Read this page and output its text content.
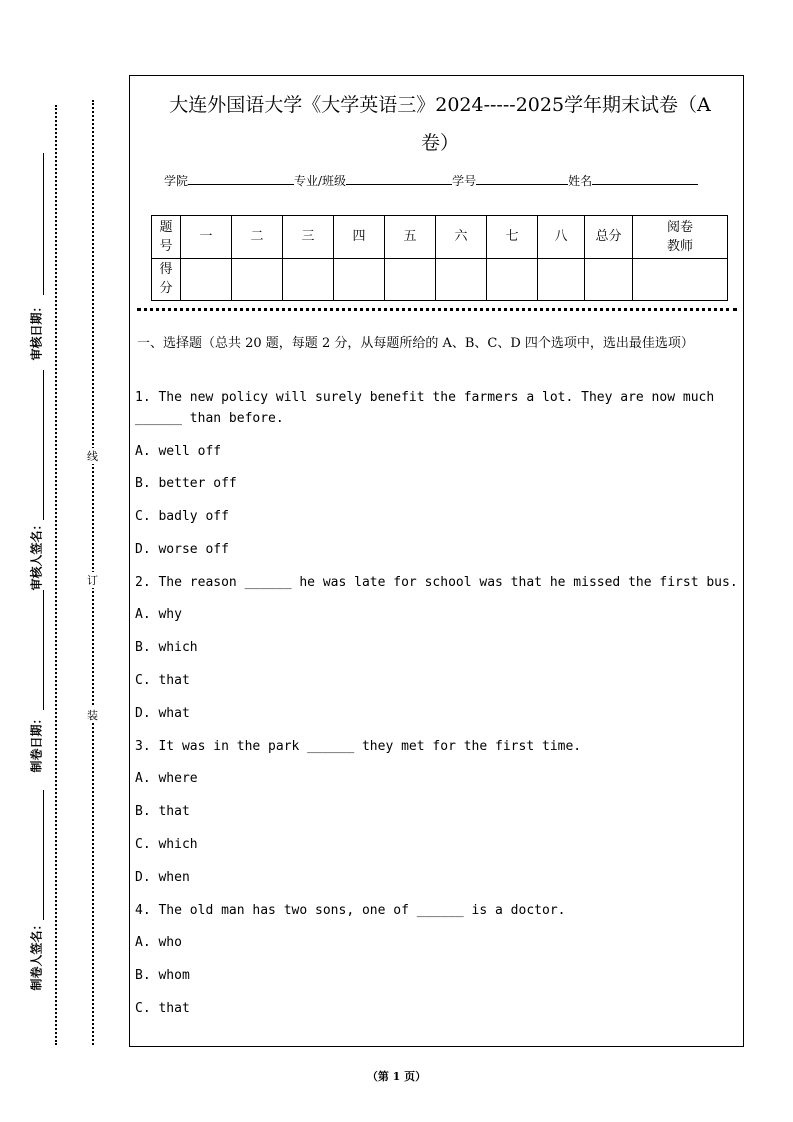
审核日期：
审核人签名：
制卷日期：
制卷人签名：
线
订
装
大连外国语大学《大学英语三》2024-----2025学年期末试卷（A
卷）
学院	专业/班级	学号	姓名
题号	一	二	三	四	五	六	七	八	总分	阅卷教师
得分										
一、选择题（总共 20 题，每题 2 分，从每题所给的 A、B、C、D 四个选项中，选出最佳选项）
1. The new policy will surely benefit the farmers a lot. They are now much ______ than before.
A. well off
B. better off
C. badly off
D. worse off
2. The reason ______ he was late for school was that he missed the first bus.
A. why
B. which
C. that
D. what
3. It was in the park ______ they met for the first time.
A. where
B. that
C. which
D. when
4. The old man has two sons, one of ______ is a doctor.
A. who
B. whom
C. that
（第 1 页）
